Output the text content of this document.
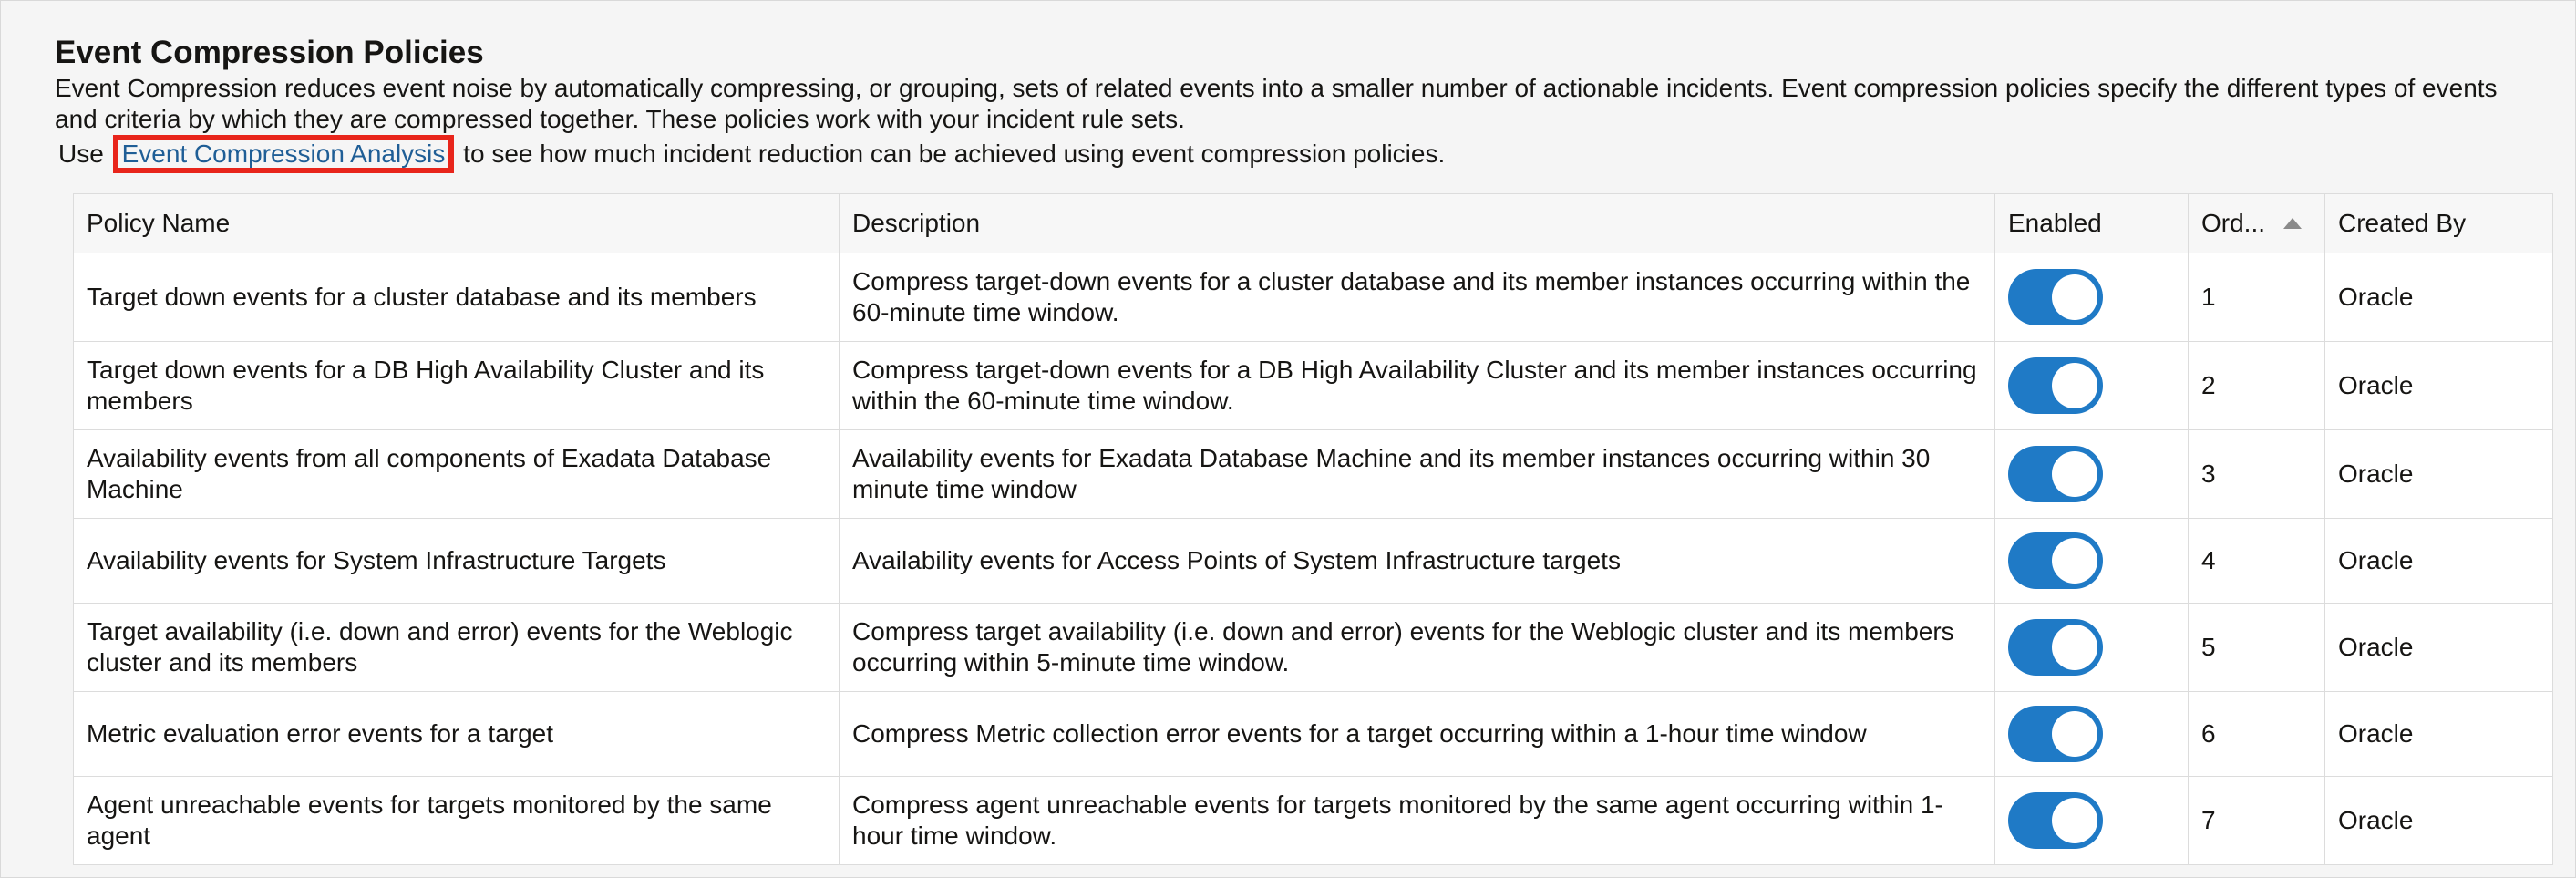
Event Compression Policies

Event Compression reduces event noise by automatically compressing, or grouping, sets of related events into a smaller number of actionable incidents. Event compression policies specify the different types of events and criteria by which they are compressed together. These policies work with your incident rule sets.

Use Event Compression Analysis to see how much incident reduction can be achieved using event compression policies.

Policy Name	Description	Enabled	Ord...	Created By
Target down events for a cluster database and its members	Compress target-down events for a cluster database and its member instances occurring within the 60-minute time window.		1	Oracle
Target down events for a DB High Availability Cluster and its members	Compress target-down events for a DB High Availability Cluster and its member instances occurring within the 60-minute time window.		2	Oracle
Availability events from all components of Exadata Database Machine	Availability events for Exadata Database Machine and its member instances occurring within 30 minute time window		3	Oracle
Availability events for System Infrastructure Targets	Availability events for Access Points of System Infrastructure targets		4	Oracle
Target availability (i.e. down and error) events for the Weblogic cluster and its members	Compress target availability (i.e. down and error) events for the Weblogic cluster and its members occurring within 5-minute time window.		5	Oracle
Metric evaluation error events for a target	Compress Metric collection error events for a target occurring within a 1-hour time window		6	Oracle
Agent unreachable events for targets monitored by the same agent	Compress agent unreachable events for targets monitored by the same agent occurring within 1-hour time window.		7	Oracle
